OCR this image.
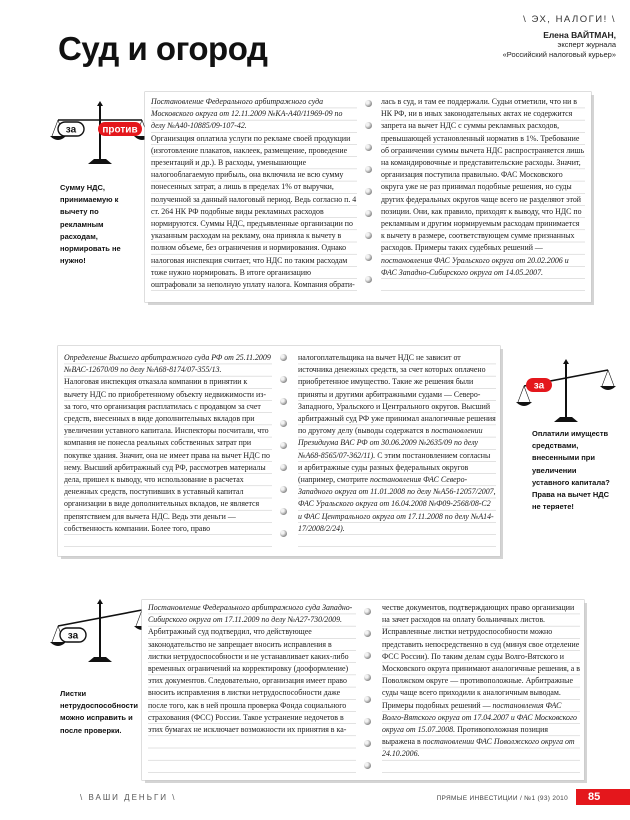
\ ЭХ, НАЛОГИ! \
Елена ВАЙТМАН,
эксперт журнала
«Российский налоговый курьер»
Суд и огород
за	против
Сумму НДС, принимаемую к вычету по рекламным расходам, нормировать не нужно!

Постановление Федерального арбитражного суда Московского округа от 12.11.2009 №КА-А40/11969-09 по делу №А40-10885/09-107-42.

Организация оплатила услуги по рекламе своей продукции (изготовление плакатов, наклеек, размещение, проведение презентаций и др.). В расходы, уменьшающие налогооблагаемую прибыль, она включила не всю сумму понесенных затрат, а лишь в пределах 1% от выручки, полученной за данный налоговый период. Ведь согласно п. 4 ст. 264 НК РФ подобные виды рекламных расходов нормируются. Суммы НДС, предъявленные организации по указанным расходам на рекламу, она приняла к вычету в полном объеме, без ограничения и нормирования. Однако налоговая инспекция считает, что НДС по таким расходам тоже нужно нормировать. В итоге организацию оштрафовали за неполную уплату налога. Компания обрати-

лась в суд, и там ее поддержали. Судьи отметили, что ни в НК РФ, ни в иных законодательных актах не содержится запрета на вычет НДС с суммы рекламных расходов, превышающей установленный норматив в 1%. Требование об ограничении суммы вычета НДС распространяется лишь на командировочные и представительские расходы. Значит, организация поступила правильно. ФАС Московского округа уже не раз принимал подобные решения, но суды других федеральных округов чаще всего не разделяют этой позиции. Они, как правило, приходят к выводу, что НДС по рекламным и другим нормируемым расходам принимается к вычету в размере, соответствующем сумме признанных расходов. Примеры таких судебных решений — постановления ФАС Уральского округа от 20.02.2006 и ФАС Западно-Сибирского округа от 14.05.2007.

Определение Высшего арбитражного суда РФ от 25.11.2009 №ВАС-12670/09 по делу №А68-8174/07-355/13.

Налоговая инспекция отказала компании в принятии к вычету НДС по приобретенному объекту недвижимости из-за того, что организация расплатилась с продавцом за счет средств, внесенных в виде дополнительных вкладов при увеличении уставного капитала. Инспекторы посчитали, что компания не понесла реальных собственных затрат при покупке здания. Значит, она не имеет права на вычет НДС по нему. Высший арбитражный суд РФ, рассмотрев материалы дела, пришел к выводу, что использование в расчетах денежных средств, поступивших в уставный капитал организации в виде дополнительных вкладов, не является препятствием для вычета НДС. Ведь эти деньги — собственность компании. Более того, право

налогоплательщика на вычет НДС не зависит от источника денежных средств, за счет которых оплачено приобретенное имущество. Такие же решения были приняты и другими арбитражными судами — Северо-Западного, Уральского и Центрального округов. Высший арбитражный суд РФ уже принимал аналогичные решения по другому делу (выводы содержатся в постановлении Президиума ВАС РФ от 30.06.2009 №2635/09 по делу №А68-8565/07-362/11). С этим постановлением согласны и арбитражные суды разных федеральных округов (например, смотрите постановления ФАС Северо-Западного округа от 11.01.2008 по делу №А56-12057/2007, ФАС Уральского округа от 16.04.2008 №Ф09-2568/08-С2 и ФАС Центрального округа от 17.11.2008 по делу №А14-17/2008/2/24).

за
Оплатили имуществ средствами, внесенными при увеличении уставного капитала? Права на вычет НДС не теряете!
за
Листки нетрудоспособности можно исправить и после проверки.

Постановление Федерального арбитражного суда Западно-Сибирского округа от 17.11.2009 по делу №А27-730/2009.

Арбитражный суд подтвердил, что действующее законодательство не запрещает вносить исправления в листки нетрудоспособности и не устанавливает каких-либо временных ограничений на корректировку (дооформление) этих документов. Следовательно, организация имеет право вносить исправления в листки нетрудоспособности даже после того, как в ней прошла проверка Фонда социального страхования (ФСС) России. Такое устранение недочетов в этих бумагах не исключает возможности их принятия в ка-

честве документов, подтверждающих право организации на зачет расходов на оплату больничных листов. Исправленные листки нетрудоспособности можно представить непосредственно в суд (минуя свое отделение ФСС России). По таким делам суды Волго-Вятского и Московского округа принимают аналогичные решения, а в Поволжском округе — противоположные. Арбитражные суды чаще всего приходили к аналогичным выводам. Примеры подобных решений — постановления ФАС Волго-Вятского округа от 17.04.2007 и ФАС Московского округа от 15.07.2008. Противоположная позиция выражена в постановлении ФАС Поволжского округа от 24.10.2006.

\ ВАШИ ДЕНЬГИ \	ПРЯМЫЕ ИНВЕСТИЦИИ / №1 (93) 2010	85
